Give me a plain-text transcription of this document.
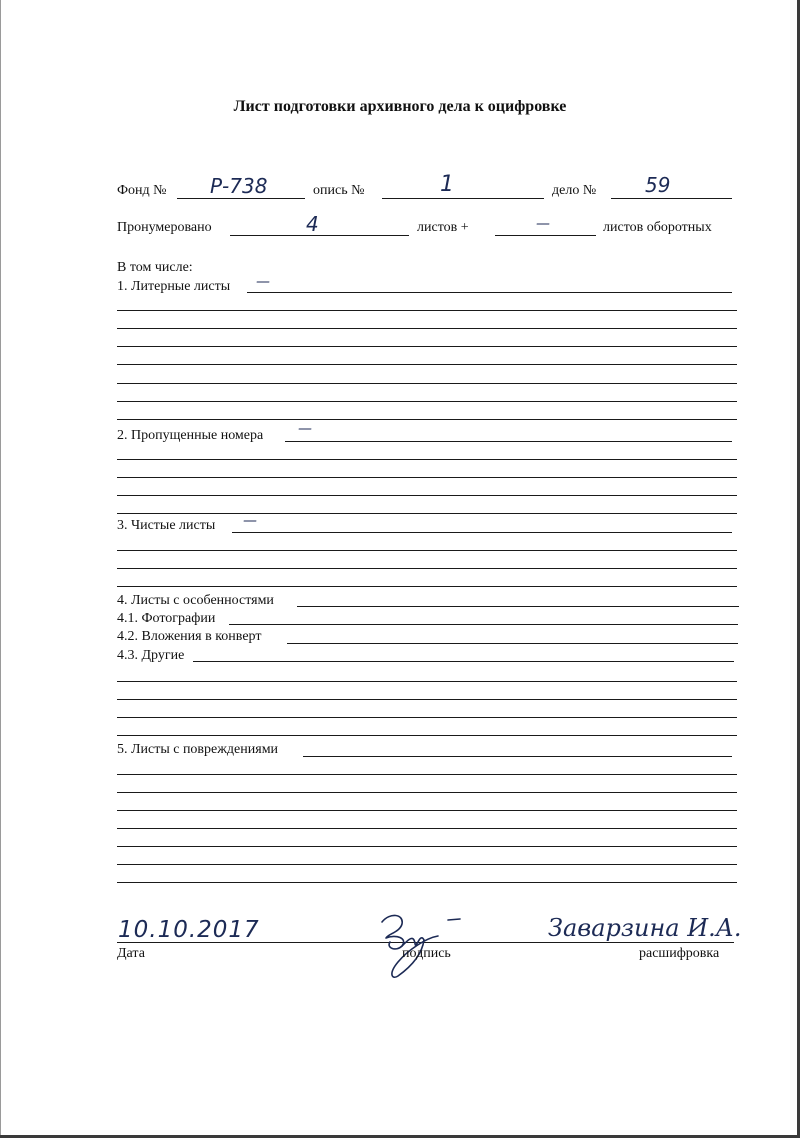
Лист подготовки архивного дела к оцифровке
Фонд № Р-738	опись №	1	дело № 59
Пронумеровано	4	листов +	—	листов оборотных
В том числе:
1. Литерные листы —
2. Пропущенные номера —
3. Чистые листы —
4. Листы с особенностями
4.1. Фотографии
4.2. Вложения в конверт
4.3. Другие
5. Листы с повреждениями
10.10.2017
Дата	подпись
Заварзина И.А.
расшифровка
